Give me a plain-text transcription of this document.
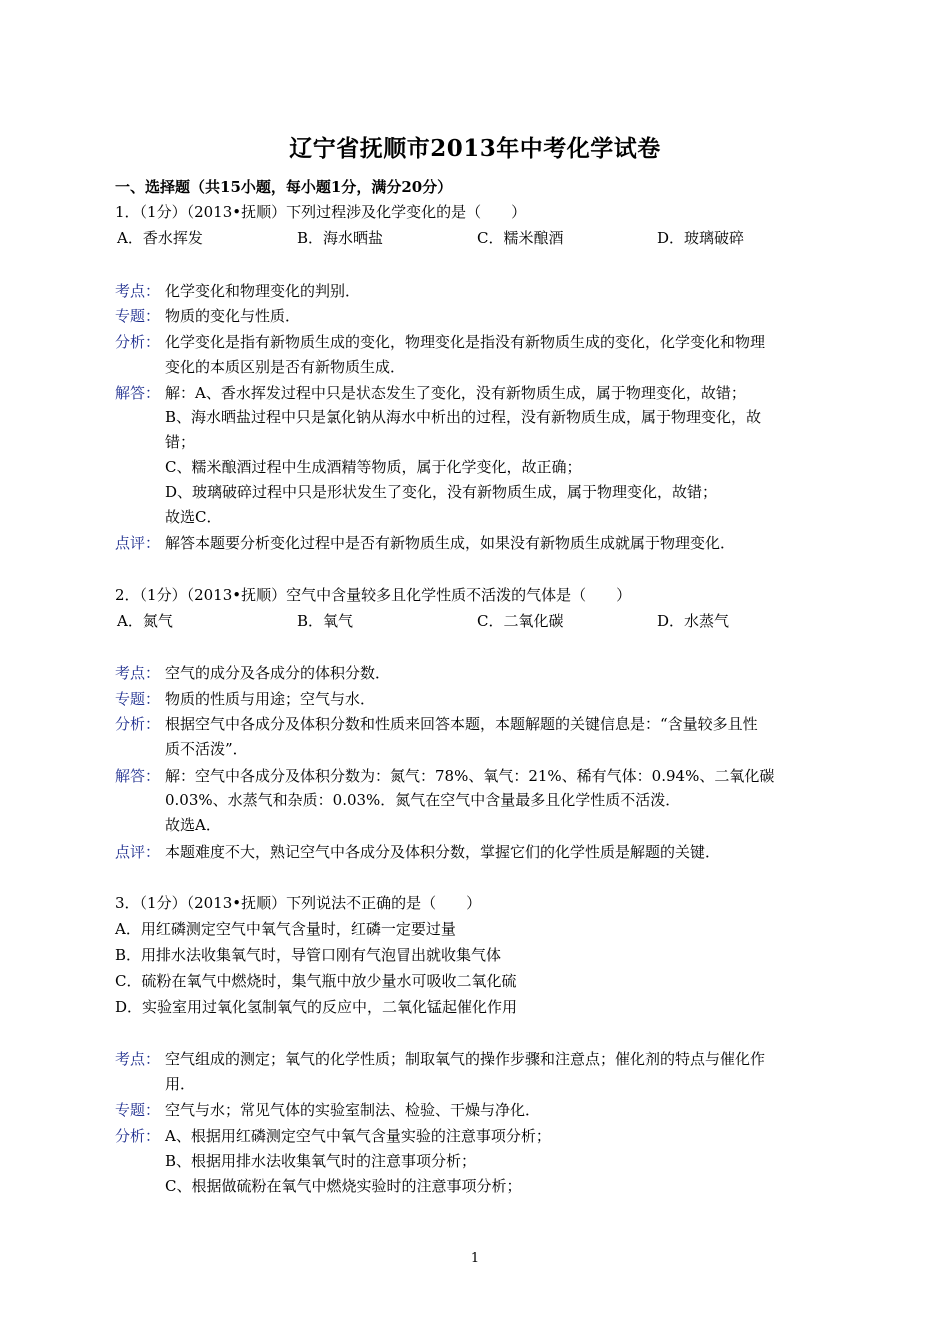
辽宁省抚顺市2013年中考化学试卷
一、选择题（共15小题，每小题1分，满分20分）
1．（1分）（2013•抚顺）下列过程涉及化学变化的是（　　）
A．香水挥发	B．海水晒盐	C．糯米酿酒	D．玻璃破碎
考点： 化学变化和物理变化的判别．
专题： 物质的变化与性质．
分析： 化学变化是指有新物质生成的变化，物理变化是指没有新物质生成的变化，化学变化和物理
变化的本质区别是否有新物质生成．
解答： 解：A、香水挥发过程中只是状态发生了变化，没有新物质生成，属于物理变化，故错；
B、海水晒盐过程中只是氯化钠从海水中析出的过程，没有新物质生成，属于物理变化，故
错；
C、糯米酿酒过程中生成酒精等物质，属于化学变化，故正确；
D、玻璃破碎过程中只是形状发生了变化，没有新物质生成，属于物理变化，故错；
故选C．
点评： 解答本题要分析变化过程中是否有新物质生成，如果没有新物质生成就属于物理变化．
2．（1分）（2013•抚顺）空气中含量较多且化学性质不活泼的气体是（　　）
A．氮气	B．氧气	C．二氧化碳	D．水蒸气
考点： 空气的成分及各成分的体积分数．
专题： 物质的性质与用途；空气与水．
分析： 根据空气中各成分及体积分数和性质来回答本题，本题解题的关键信息是：“含量较多且性
质不活泼”．
解答： 解：空气中各成分及体积分数为：氮气：78%、氧气：21%、稀有气体：0.94%、二氧化碳
0.03%、水蒸气和杂质：0.03%．氮气在空气中含量最多且化学性质不活泼．
故选A．
点评： 本题难度不大，熟记空气中各成分及体积分数，掌握它们的化学性质是解题的关键．
3．（1分）（2013•抚顺）下列说法不正确的是（　　）
A．用红磷测定空气中氧气含量时，红磷一定要过量
B．用排水法收集氧气时，导管口刚有气泡冒出就收集气体
C．硫粉在氧气中燃烧时，集气瓶中放少量水可吸收二氧化硫
D．实验室用过氧化氢制氧气的反应中，二氧化锰起催化作用
考点： 空气组成的测定；氧气的化学性质；制取氧气的操作步骤和注意点；催化剂的特点与催化作
用．
专题： 空气与水；常见气体的实验室制法、检验、干燥与净化．
分析： A、根据用红磷测定空气中氧气含量实验的注意事项分析；
B、根据用排水法收集氧气时的注意事项分析；
C、根据做硫粉在氧气中燃烧实验时的注意事项分析；
1
